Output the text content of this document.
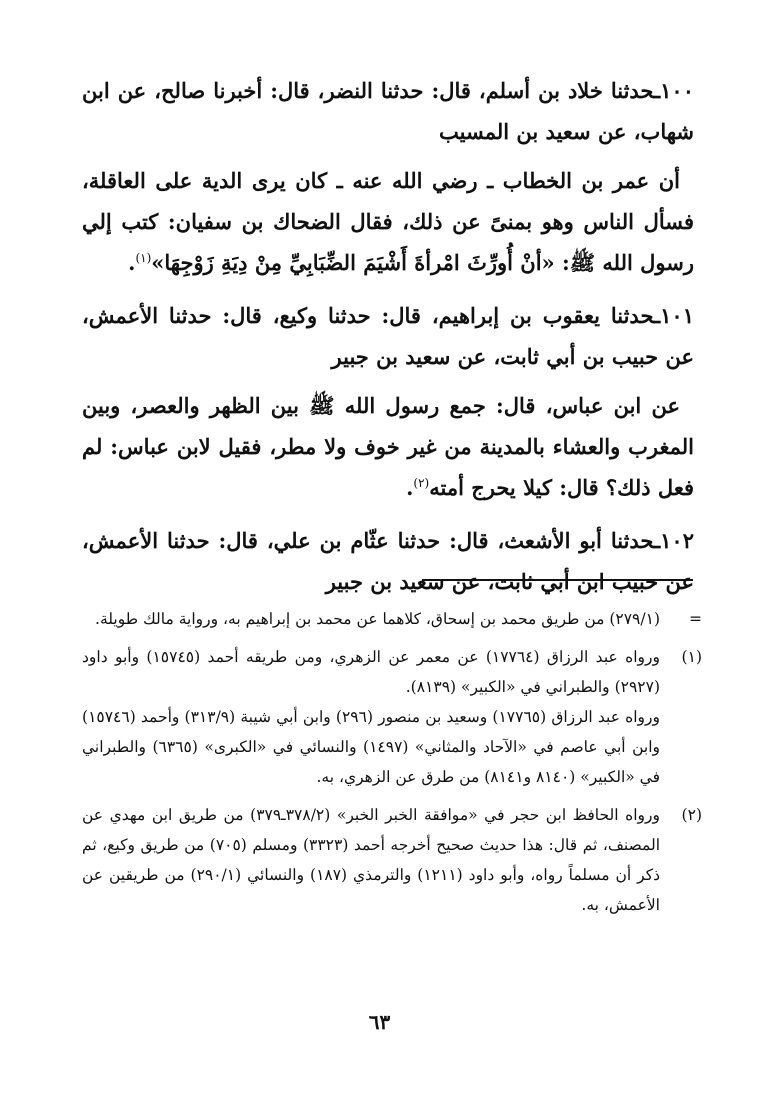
١٠٠ـحدثنا خلاد بن أسلم، قال: حدثنا النضر، قال: أخبرنا صالح، عن ابن شهاب، عن سعيد بن المسيب

أن عمر بن الخطاب ـ رضي الله عنه ـ كان يرى الدية على العاقلة، فسأل الناس وهو بمنىً عن ذلك، فقال الضحاك بن سفيان: كتب إلي رسول الله ﷺ: «أنْ أُورِّثَ امْرأةَ أَشْيَمَ الضِّبَابِيِّ مِنْ دِيَةِ زَوْجِهَا»$^{(١)}$.

١٠١ـحدثنا يعقوب بن إبراهيم، قال: حدثنا وكيع، قال: حدثنا الأعمش، عن حبيب بن أبي ثابت، عن سعيد بن جبير

عن ابن عباس، قال: جمع رسول الله ﷺ بين الظهر والعصر، وبين المغرب والعشاء بالمدينة من غير خوف ولا مطر، فقيل لابن عباس: لم فعل ذلك؟ قال: كيلا يحرج أمته$^{(٢)}$.

١٠٢ـحدثنا أبو الأشعث، قال: حدثنا عثّام بن علي، قال: حدثنا الأعمش، عن حبيب ابن أبي ثابت، عن سعيد بن جبير

=

(٢٧٩/١) من طريق محمد بن إسحاق، كلاهما عن محمد بن إبراهيم به، ورواية مالك طويلة.

(١)

ورواه عبد الرزاق (١٧٧٦٤) عن معمر عن الزهري، ومن طريقه أحمد (١٥٧٤٥) وأبو داود (٢٩٢٧) والطبراني في «الكبير» (٨١٣٩).

ورواه عبد الرزاق (١٧٧٦٥) وسعيد بن منصور (٢٩٦) وابن أبي شيبة (٣١٣/٩) وأحمد (١٥٧٤٦) وابن أبي عاصم في «الآحاد والمثاني» (١٤٩٧) والنسائي في «الكبرى» (٦٣٦٥) والطبراني في «الكبير» (٨١٤٠ و٨١٤١) من طرق عن الزهري، به.

(٢)

ورواه الحافظ ابن حجر في «موافقة الخبر الخبر» (٣٧٨/٢ـ٣٧٩) من طريق ابن مهدي عن المصنف، ثم قال: هذا حديث صحيح أخرجه أحمد (٣٣٢٣) ومسلم (٧٠٥) من طريق وكيع، ثم ذكر أن مسلماً رواه، وأبو داود (١٢١١) والترمذي (١٨٧) والنسائي (٢٩٠/١) من طريقين عن الأعمش، به.

٦٣
